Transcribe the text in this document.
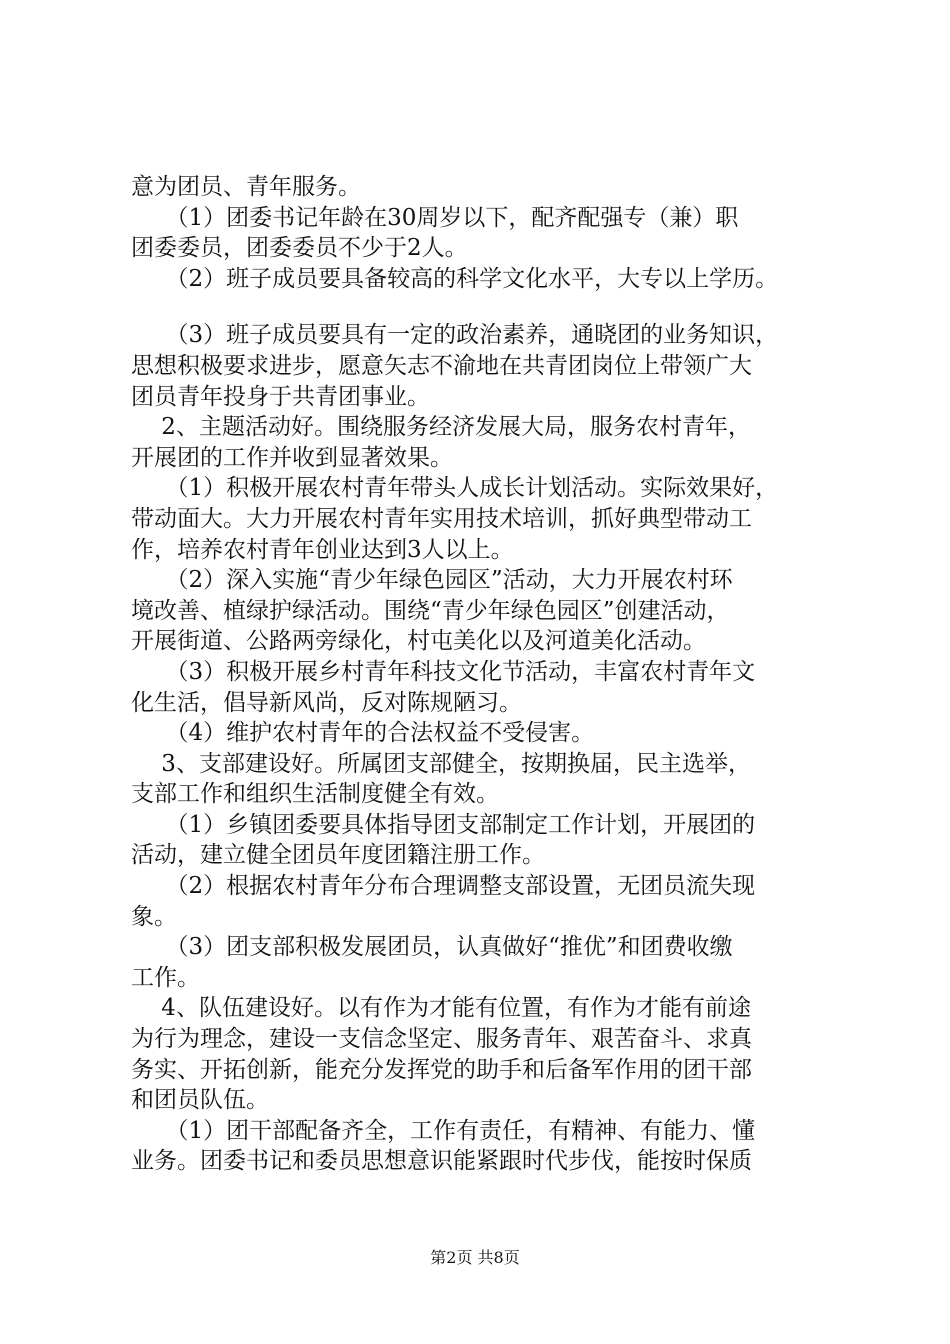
意为团员、青年服务。
　　（1）团委书记年龄在30周岁以下，配齐配强专（兼）职
团委委员，团委委员不少于2人。
　　（2）班子成员要具备较高的科学文化水平，大专以上学历。
　　（3）班子成员要具有一定的政治素养，通晓团的业务知识，
思想积极要求进步，愿意矢志不渝地在共青团岗位上带领广大
团员青年投身于共青团事业。
　 2、主题活动好。围绕服务经济发展大局，服务农村青年，
开展团的工作并收到显著效果。
　　（1）积极开展农村青年带头人成长计划活动。实际效果好，
带动面大。大力开展农村青年实用技术培训，抓好典型带动工
作，培养农村青年创业达到3人以上。
　　（2）深入实施“青少年绿色园区”活动，大力开展农村环
境改善、植绿护绿活动。围绕“青少年绿色园区”创建活动，
开展街道、公路两旁绿化，村屯美化以及河道美化活动。
　　（3）积极开展乡村青年科技文化节活动，丰富农村青年文
化生活，倡导新风尚，反对陈规陋习。
　　（4）维护农村青年的合法权益不受侵害。
　 3、支部建设好。所属团支部健全，按期换届，民主选举，
支部工作和组织生活制度健全有效。
　　（1）乡镇团委要具体指导团支部制定工作计划，开展团的
活动，建立健全团员年度团籍注册工作。
　　（2）根据农村青年分布合理调整支部设置，无团员流失现
象。
　　（3）团支部积极发展团员，认真做好“推优”和团费收缴
工作。
　 4、队伍建设好。以有作为才能有位置，有作为才能有前途
为行为理念，建设一支信念坚定、服务青年、艰苦奋斗、求真
务实、开拓创新，能充分发挥党的助手和后备军作用的团干部
和团员队伍。
　　（1）团干部配备齐全，工作有责任，有精神、有能力、懂
业务。团委书记和委员思想意识能紧跟时代步伐，能按时保质
第2页 共8页
